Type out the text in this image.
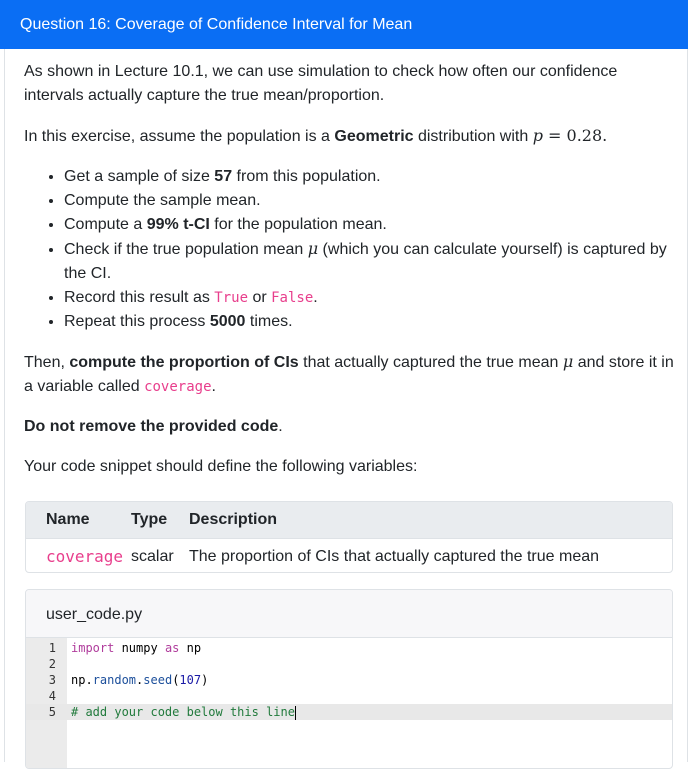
Question 16: Coverage of Confidence Interval for Mean

As shown in Lecture 10.1, we can use simulation to check how often our confidence intervals actually capture the true mean/proportion.

In this exercise, assume the population is a Geometric distribution with p = 0.28.

• Get a sample of size 57 from this population.
• Compute the sample mean.
• Compute a 99% t-CI for the population mean.
• Check if the true population mean μ (which you can calculate yourself) is captured by the CI.
• Record this result as True or False.
• Repeat this process 5000 times.

Then, compute the proportion of CIs that actually captured the true mean μ and store it in a variable called coverage.

Do not remove the provided code.

Your code snippet should define the following variables:

Name	Type Description
coverage scalar The proportion of CIs that actually captured the true mean
user_code.py
1 import numpy as np
2
3 np.random.seed(107)
4
5 # add your code below this line
